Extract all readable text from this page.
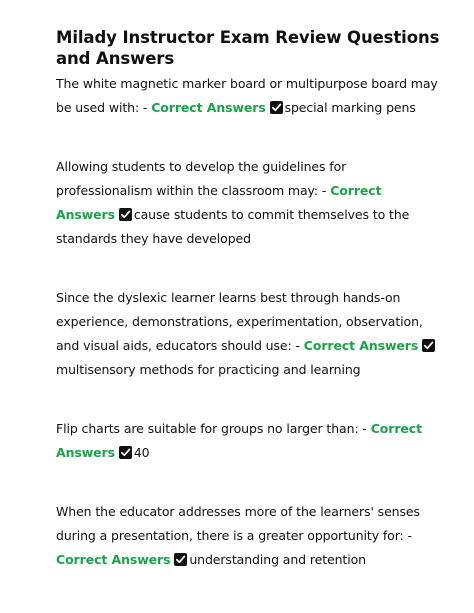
Milady Instructor Exam Review Questions and Answers

The white magnetic marker board or multipurpose board may be used with: - Correct Answers special marking pens

Allowing students to develop the guidelines for professionalism within the classroom may: - Correct Answers cause students to commit themselves to the standards they have developed

Since the dyslexic learner learns best through hands-on experience, demonstrations, experimentation, observation, and visual aids, educators should use: - Correct Answers
multisensory methods for practicing and learning

Flip charts are suitable for groups no larger than: - Correct Answers 40

When the educator addresses more of the learners' senses during a presentation, there is a greater opportunity for: - Correct Answers understanding and retention
